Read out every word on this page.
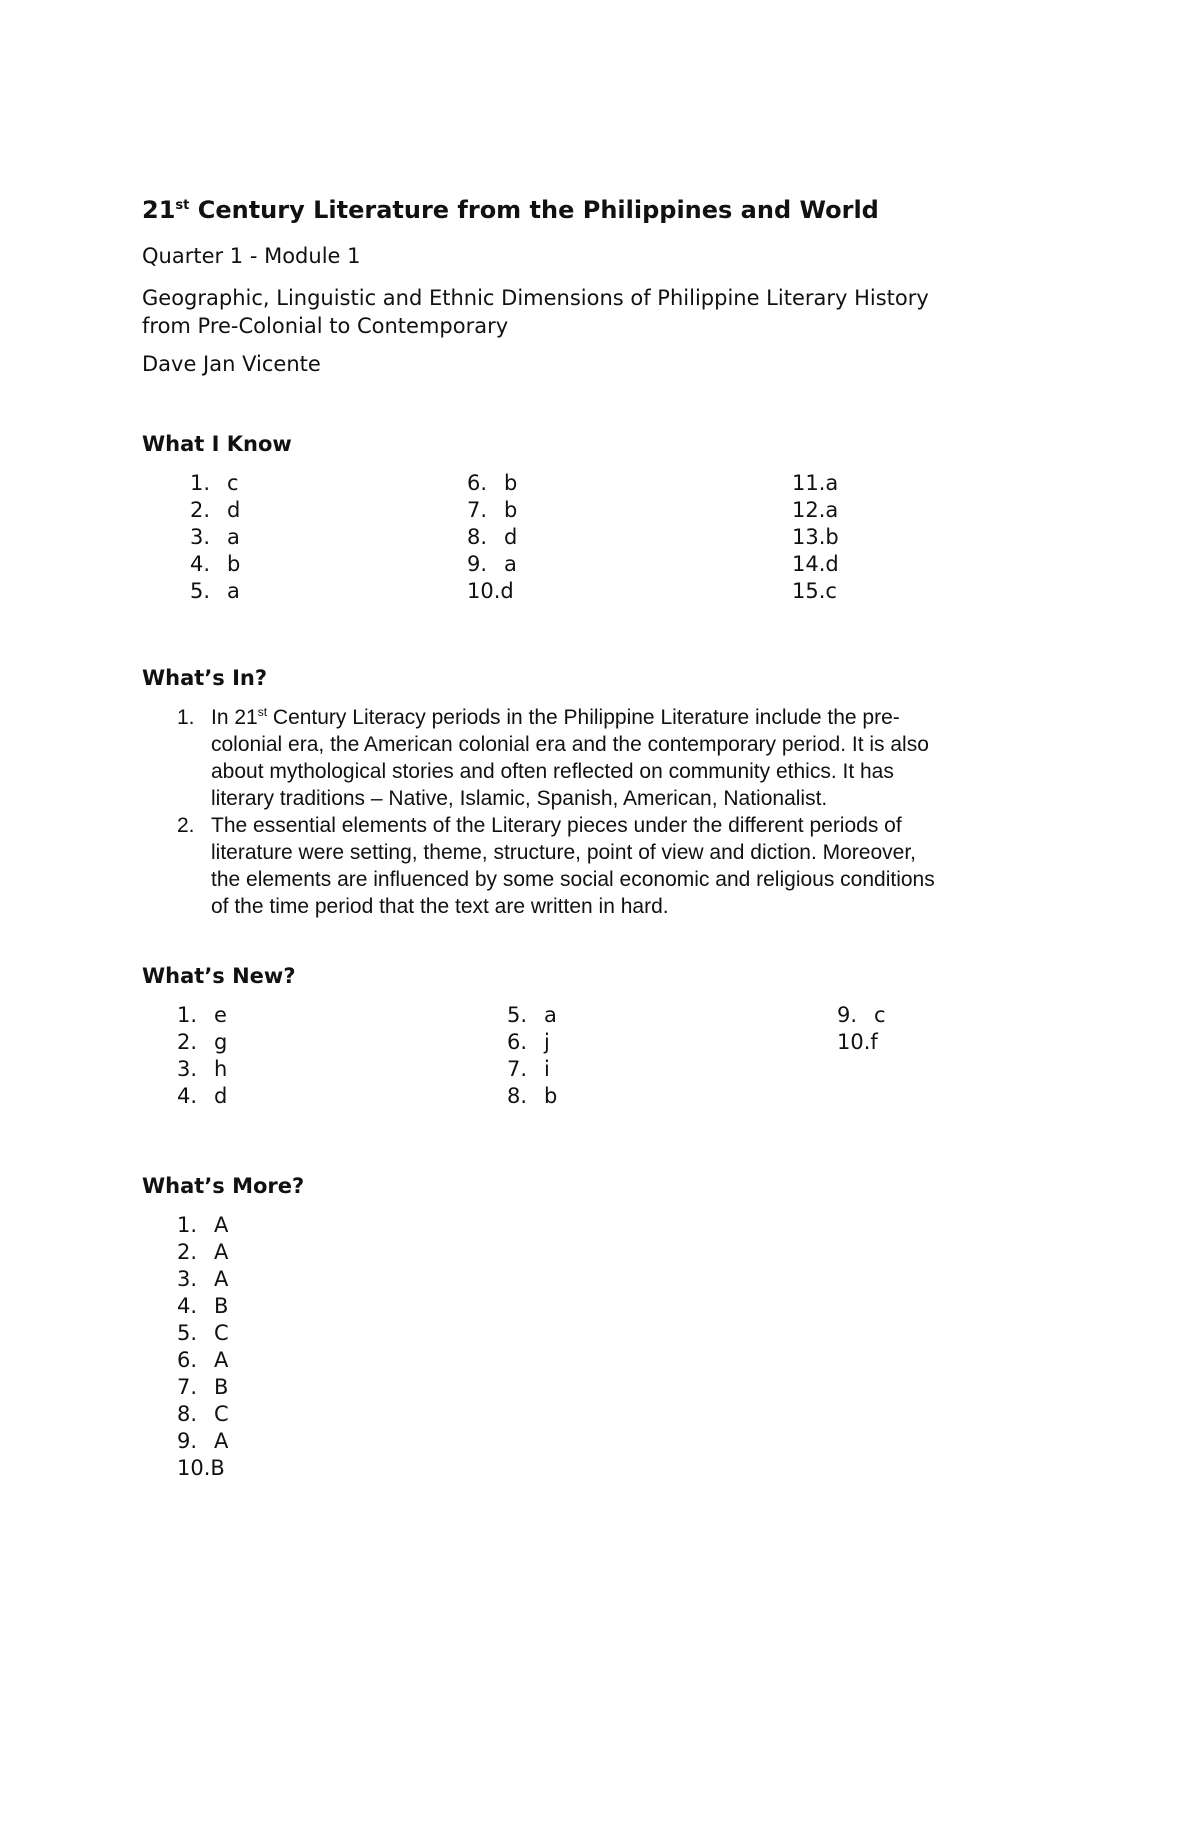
21st Century Literature from the Philippines and World
Quarter 1 - Module 1
Geographic, Linguistic and Ethnic Dimensions of Philippine Literary History
from Pre-Colonial to Contemporary
Dave Jan Vicente
What I Know
1. c
2. d
3. a
4. b
5. a
6. b
7. b
8. d
9. a
10.d
11.a
12.a
13.b
14.d
15.c
What’s In?
1. In 21st Century Literacy periods in the Philippine Literature include the pre-
colonial era, the American colonial era and the contemporary period. It is also
about mythological stories and often reflected on community ethics. It has
literary traditions – Native, Islamic, Spanish, American, Nationalist.
2. The essential elements of the Literary pieces under the different periods of
literature were setting, theme, structure, point of view and diction. Moreover,
the elements are influenced by some social economic and religious conditions
of the time period that the text are written in hard.
What’s New?
1. e
2. g
3. h
4. d
5. a
6. j
7. i
8. b
9. c
10.f
What’s More?
1. A
2. A
3. A
4. B
5. C
6. A
7. B
8. C
9. A
10.B
